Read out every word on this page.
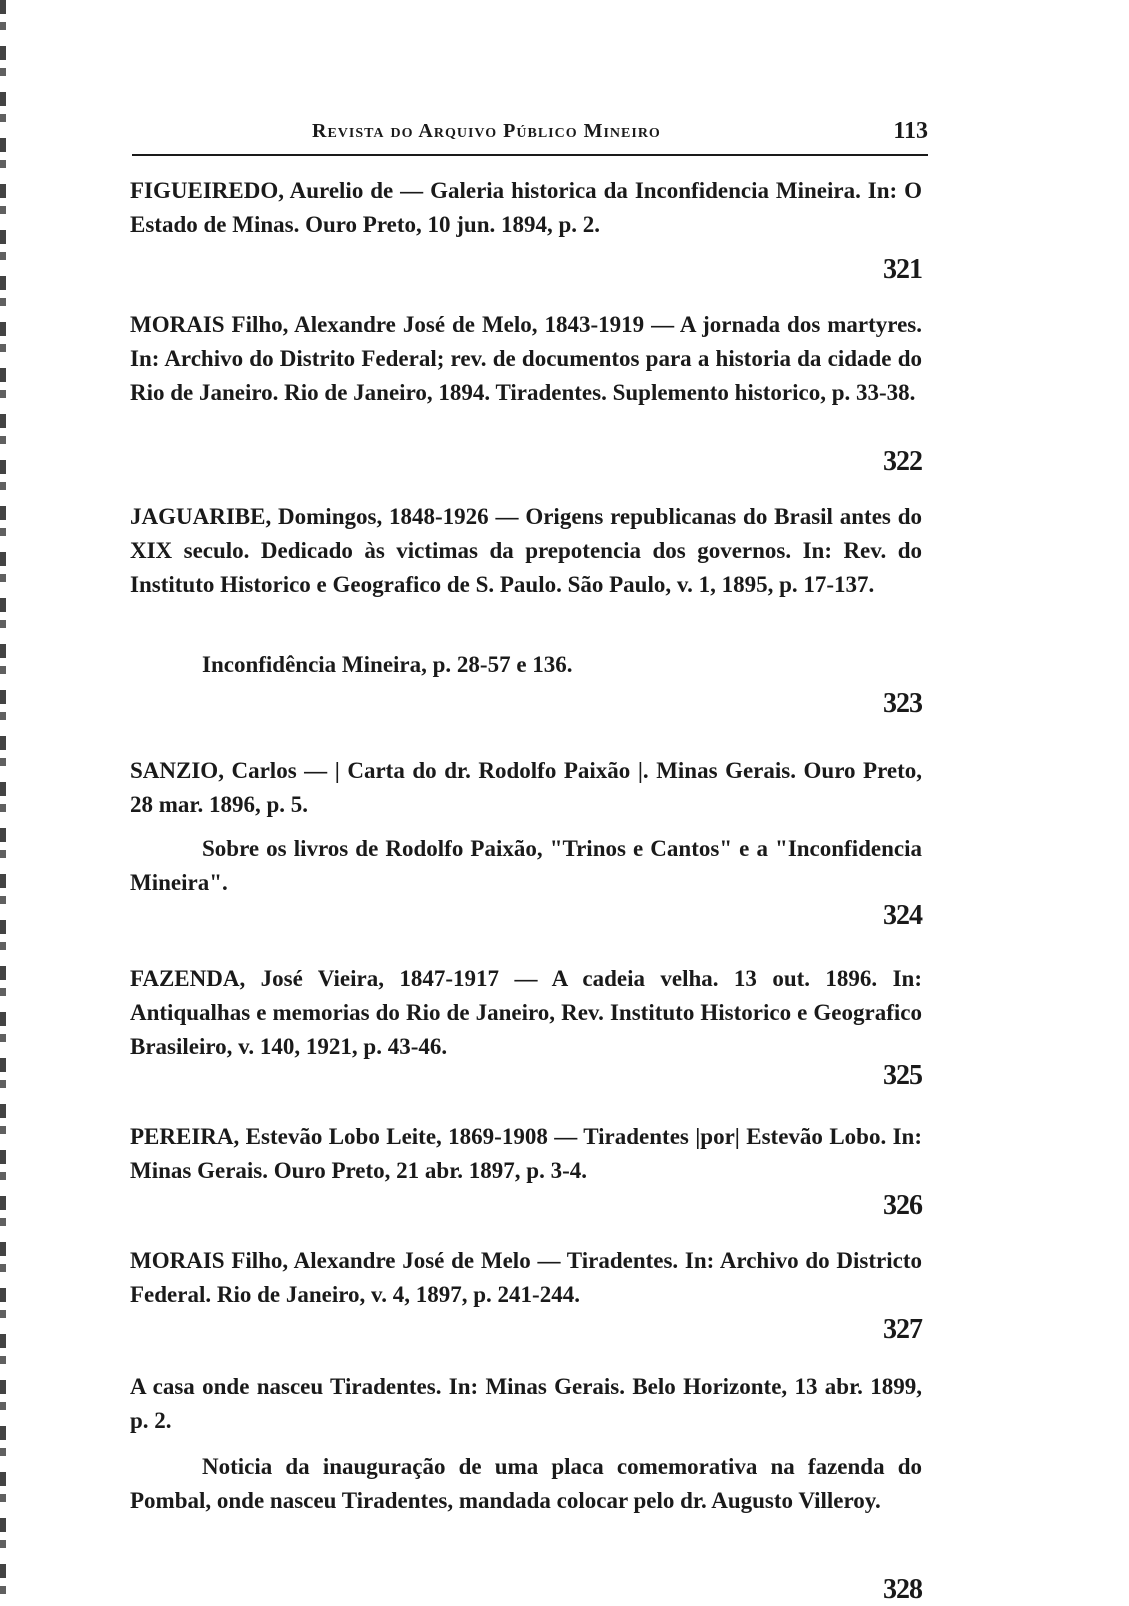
Revista do Arquivo Público Mineiro	113
FIGUEIREDO, Aurelio de — Galeria historica da Inconfidencia Mineira. In: O Estado de Minas. Ouro Preto, 10 jun. 1894, p. 2.
321
MORAIS Filho, Alexandre José de Melo, 1843-1919 — A jornada dos martyres. In: Archivo do Distrito Federal; rev. de documentos para a historia da cidade do Rio de Janeiro. Rio de Janeiro, 1894. Tiradentes. Suplemento historico, p. 33-38.
322
JAGUARIBE, Domingos, 1848-1926 — Origens republicanas do Brasil antes do XIX seculo. Dedicado às victimas da prepotencia dos governos. In: Rev. do Instituto Historico e Geografico de S. Paulo. São Paulo, v. 1, 1895, p. 17-137.
Inconfidência Mineira, p. 28-57 e 136.
323
SANZIO, Carlos — | Carta do dr. Rodolfo Paixão |. Minas Gerais. Ouro Preto, 28 mar. 1896, p. 5.
Sobre os livros de Rodolfo Paixão, "Trinos e Cantos" e a "Inconfidencia Mineira".
324
FAZENDA, José Vieira, 1847-1917 — A cadeia velha. 13 out. 1896. In: Antiqualhas e memorias do Rio de Janeiro, Rev. Instituto Historico e Geografico Brasileiro, v. 140, 1921, p. 43-46.
325
PEREIRA, Estevão Lobo Leite, 1869-1908 — Tiradentes |por| Estevão Lobo. In: Minas Gerais. Ouro Preto, 21 abr. 1897, p. 3-4.
326
MORAIS Filho, Alexandre José de Melo — Tiradentes. In: Archivo do Districto Federal. Rio de Janeiro, v. 4, 1897, p. 241-244.
327
A casa onde nasceu Tiradentes. In: Minas Gerais. Belo Horizonte, 13 abr. 1899, p. 2.
Noticia da inauguração de uma placa comemorativa na fazenda do Pombal, onde nasceu Tiradentes, mandada colocar pelo dr. Augusto Villeroy.
328
